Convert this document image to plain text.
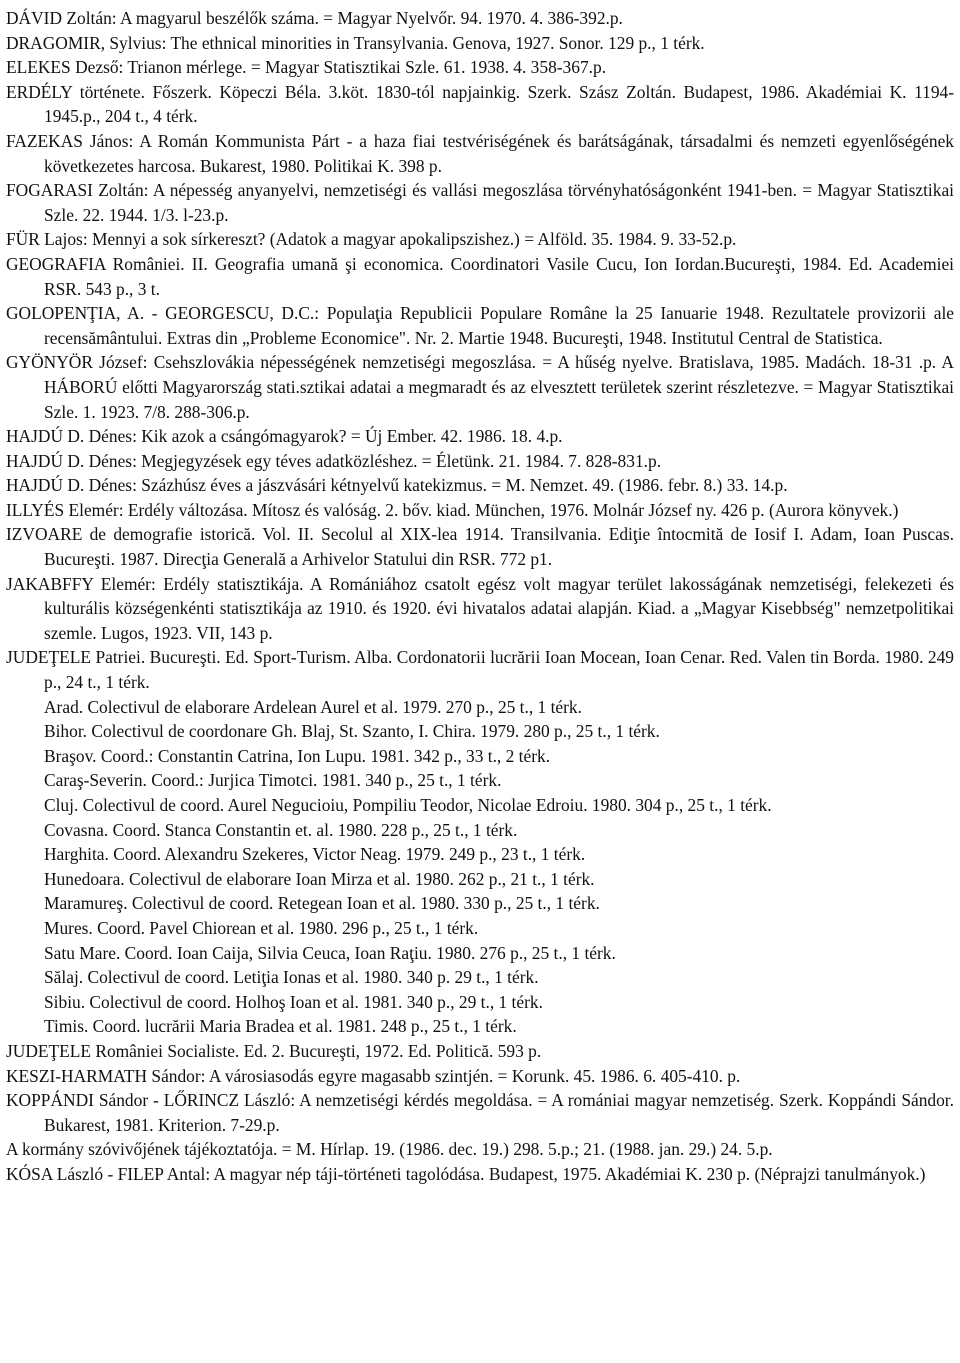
DÁVID Zoltán: A magyarul beszélők száma. = Magyar Nyelvőr. 94. 1970. 4. 386-392.p.

DRAGOMIR, Sylvius: The ethnical minorities in Transylvania. Genova, 1927. Sonor. 129 p., 1 térk.

ELEKES Dezső: Trianon mérlege. = Magyar Statisztikai Szle. 61. 1938. 4. 358-367.p.

ERDÉLY története. Főszerk. Köpeczi Béla. 3.köt. 1830-tól napjainkig. Szerk. Szász Zoltán. Budapest, 1986. Akadémiai K. 1194-1945.p., 204 t., 4 térk.

FAZEKAS János: A Román Kommunista Párt - a haza fiai testvériségének és barátságának, társadalmi és nemzeti egyenlőségének következetes harcosa. Bukarest, 1980. Politikai K. 398 p.

FOGARASI Zoltán: A népesség anyanyelvi, nemzetiségi és vallási megoszlása törvényhatóságonként 1941-ben. = Magyar Statisztikai Szle. 22. 1944. 1/3. l-23.p.

FÜR Lajos: Mennyi a sok sírkereszt? (Adatok a magyar apokalipszishez.) = Alföld. 35. 1984. 9. 33-52.p.

GEOGRAFIA României. II. Geografia umană şi economica. Coordinatori Vasile Cucu, Ion Iordan.Bucureşti, 1984. Ed. Academiei RSR. 543 p., 3 t.

GOLOPENŢIA, A. - GEORGESCU, D.C.: Populaţia Republicii Populare Române la 25 Ianuarie 1948. Rezultatele provizorii ale recensământului. Extras din „Probleme Economice". Nr. 2. Martie 1948. Bucureşti, 1948. Institutul Central de Statistica.

GYÖNYÖR József: Csehszlovákia népességének nemzetiségi megoszlása. = A hűség nyelve. Bratislava, 1985. Madách. 18-31 .p. A HÁBORÚ előtti Magyarország stati.sztikai adatai a megmaradt és az elvesztett területek szerint részletezve. = Magyar Statisztikai Szle. 1. 1923. 7/8. 288-306.p.

HAJDÚ D. Dénes: Kik azok a csángómagyarok? = Új Ember. 42. 1986. 18. 4.p.

HAJDÚ D. Dénes: Megjegyzések egy téves adatközléshez. = Életünk. 21. 1984. 7. 828-831.p.

HAJDÚ D. Dénes: Százhúsz éves a jászvásári kétnyelvű katekizmus. = M. Nemzet. 49. (1986. febr. 8.) 33. 14.p.

ILLYÉS Elemér: Erdély változása. Mítosz és valóság. 2. bőv. kiad. München, 1976. Molnár József ny. 426 p. (Aurora könyvek.)

IZVOARE de demografie istorică. Vol. II. Secolul al XIX-lea 1914. Transilvania. Ediţie întocmită de Iosif I. Adam, Ioan Puscas. Bucureşti. 1987. Direcţia Generală a Arhivelor Statului din RSR. 772 p1.

JAKABFFY Elemér: Erdély statisztikája. A Romániához csatolt egész volt magyar terület lakosságának nemzetiségi, felekezeti és kulturális községenkénti statisztikája az 1910. és 1920. évi hivatalos adatai alapján. Kiad. a „Magyar Kisebbség" nemzetpolitikai szemle. Lugos, 1923. VII, 143 p.

JUDEŢELE Patriei. Bucureşti. Ed. Sport-Turism. Alba. Cordonatorii lucrării Ioan Mocean, Ioan Cenar. Red. Valen tin Borda. 1980. 249 p., 24 t., 1 térk.

Arad. Colectivul de elaborare Ardelean Aurel et al. 1979. 270 p., 25 t., 1 térk.

Bihor. Colectivul de coordonare Gh. Blaj, St. Szanto, I. Chira. 1979. 280 p., 25 t., 1 térk.

Braşov. Coord.: Constantin Catrina, Ion Lupu. 1981. 342 p., 33 t., 2 térk.

Caraş-Severin. Coord.: Jurjica Timotci. 1981. 340 p., 25 t., 1 térk.

Cluj. Colectivul de coord. Aurel Negucioiu, Pompiliu Teodor, Nicolae Edroiu. 1980. 304 p., 25 t., 1 térk.

Covasna. Coord. Stanca Constantin et. al. 1980. 228 p., 25 t., 1 térk.

Harghita. Coord. Alexandru Szekeres, Victor Neag. 1979. 249 p., 23 t., 1 térk.

Hunedoara. Colectivul de elaborare Ioan Mirza et al. 1980. 262 p., 21 t., 1 térk.

Maramureş. Colectivul de coord. Retegean Ioan et al. 1980. 330 p., 25 t., 1 térk.

Mures. Coord. Pavel Chiorean et al. 1980. 296 p., 25 t., 1 térk.

Satu Mare. Coord. Ioan Caija, Silvia Ceuca, Ioan Raţiu. 1980. 276 p., 25 t., 1 térk.

Sălaj. Colectivul de coord. Letiţia Ionas et al. 1980. 340 p. 29 t., 1 térk.

Sibiu. Colectivul de coord. Holhoş Ioan et al. 1981. 340 p., 29 t., 1 térk.

Timis. Coord. lucrării Maria Bradea et al. 1981. 248 p., 25 t., 1 térk.

JUDEŢELE României Socialiste. Ed. 2. Bucureşti, 1972. Ed. Politică. 593 p.

KESZI-HARMATH Sándor: A városiasodás egyre magasabb szintjén. = Korunk. 45. 1986. 6. 405-410. p.

KOPPÁNDI Sándor - LŐRINCZ László: A nemzetiségi kérdés megoldása. = A romániai magyar nemzetiség. Szerk. Koppándi Sándor. Bukarest, 1981. Kriterion. 7-29.p.

A kormány szóvivőjének tájékoztatója. = M. Hírlap. 19. (1986. dec. 19.) 298. 5.p.; 21. (1988. jan. 29.) 24. 5.p.

KÓSA László - FILEP Antal: A magyar nép táji-történeti tagolódása. Budapest, 1975. Akadémiai K. 230 p. (Néprajzi tanulmányok.)
